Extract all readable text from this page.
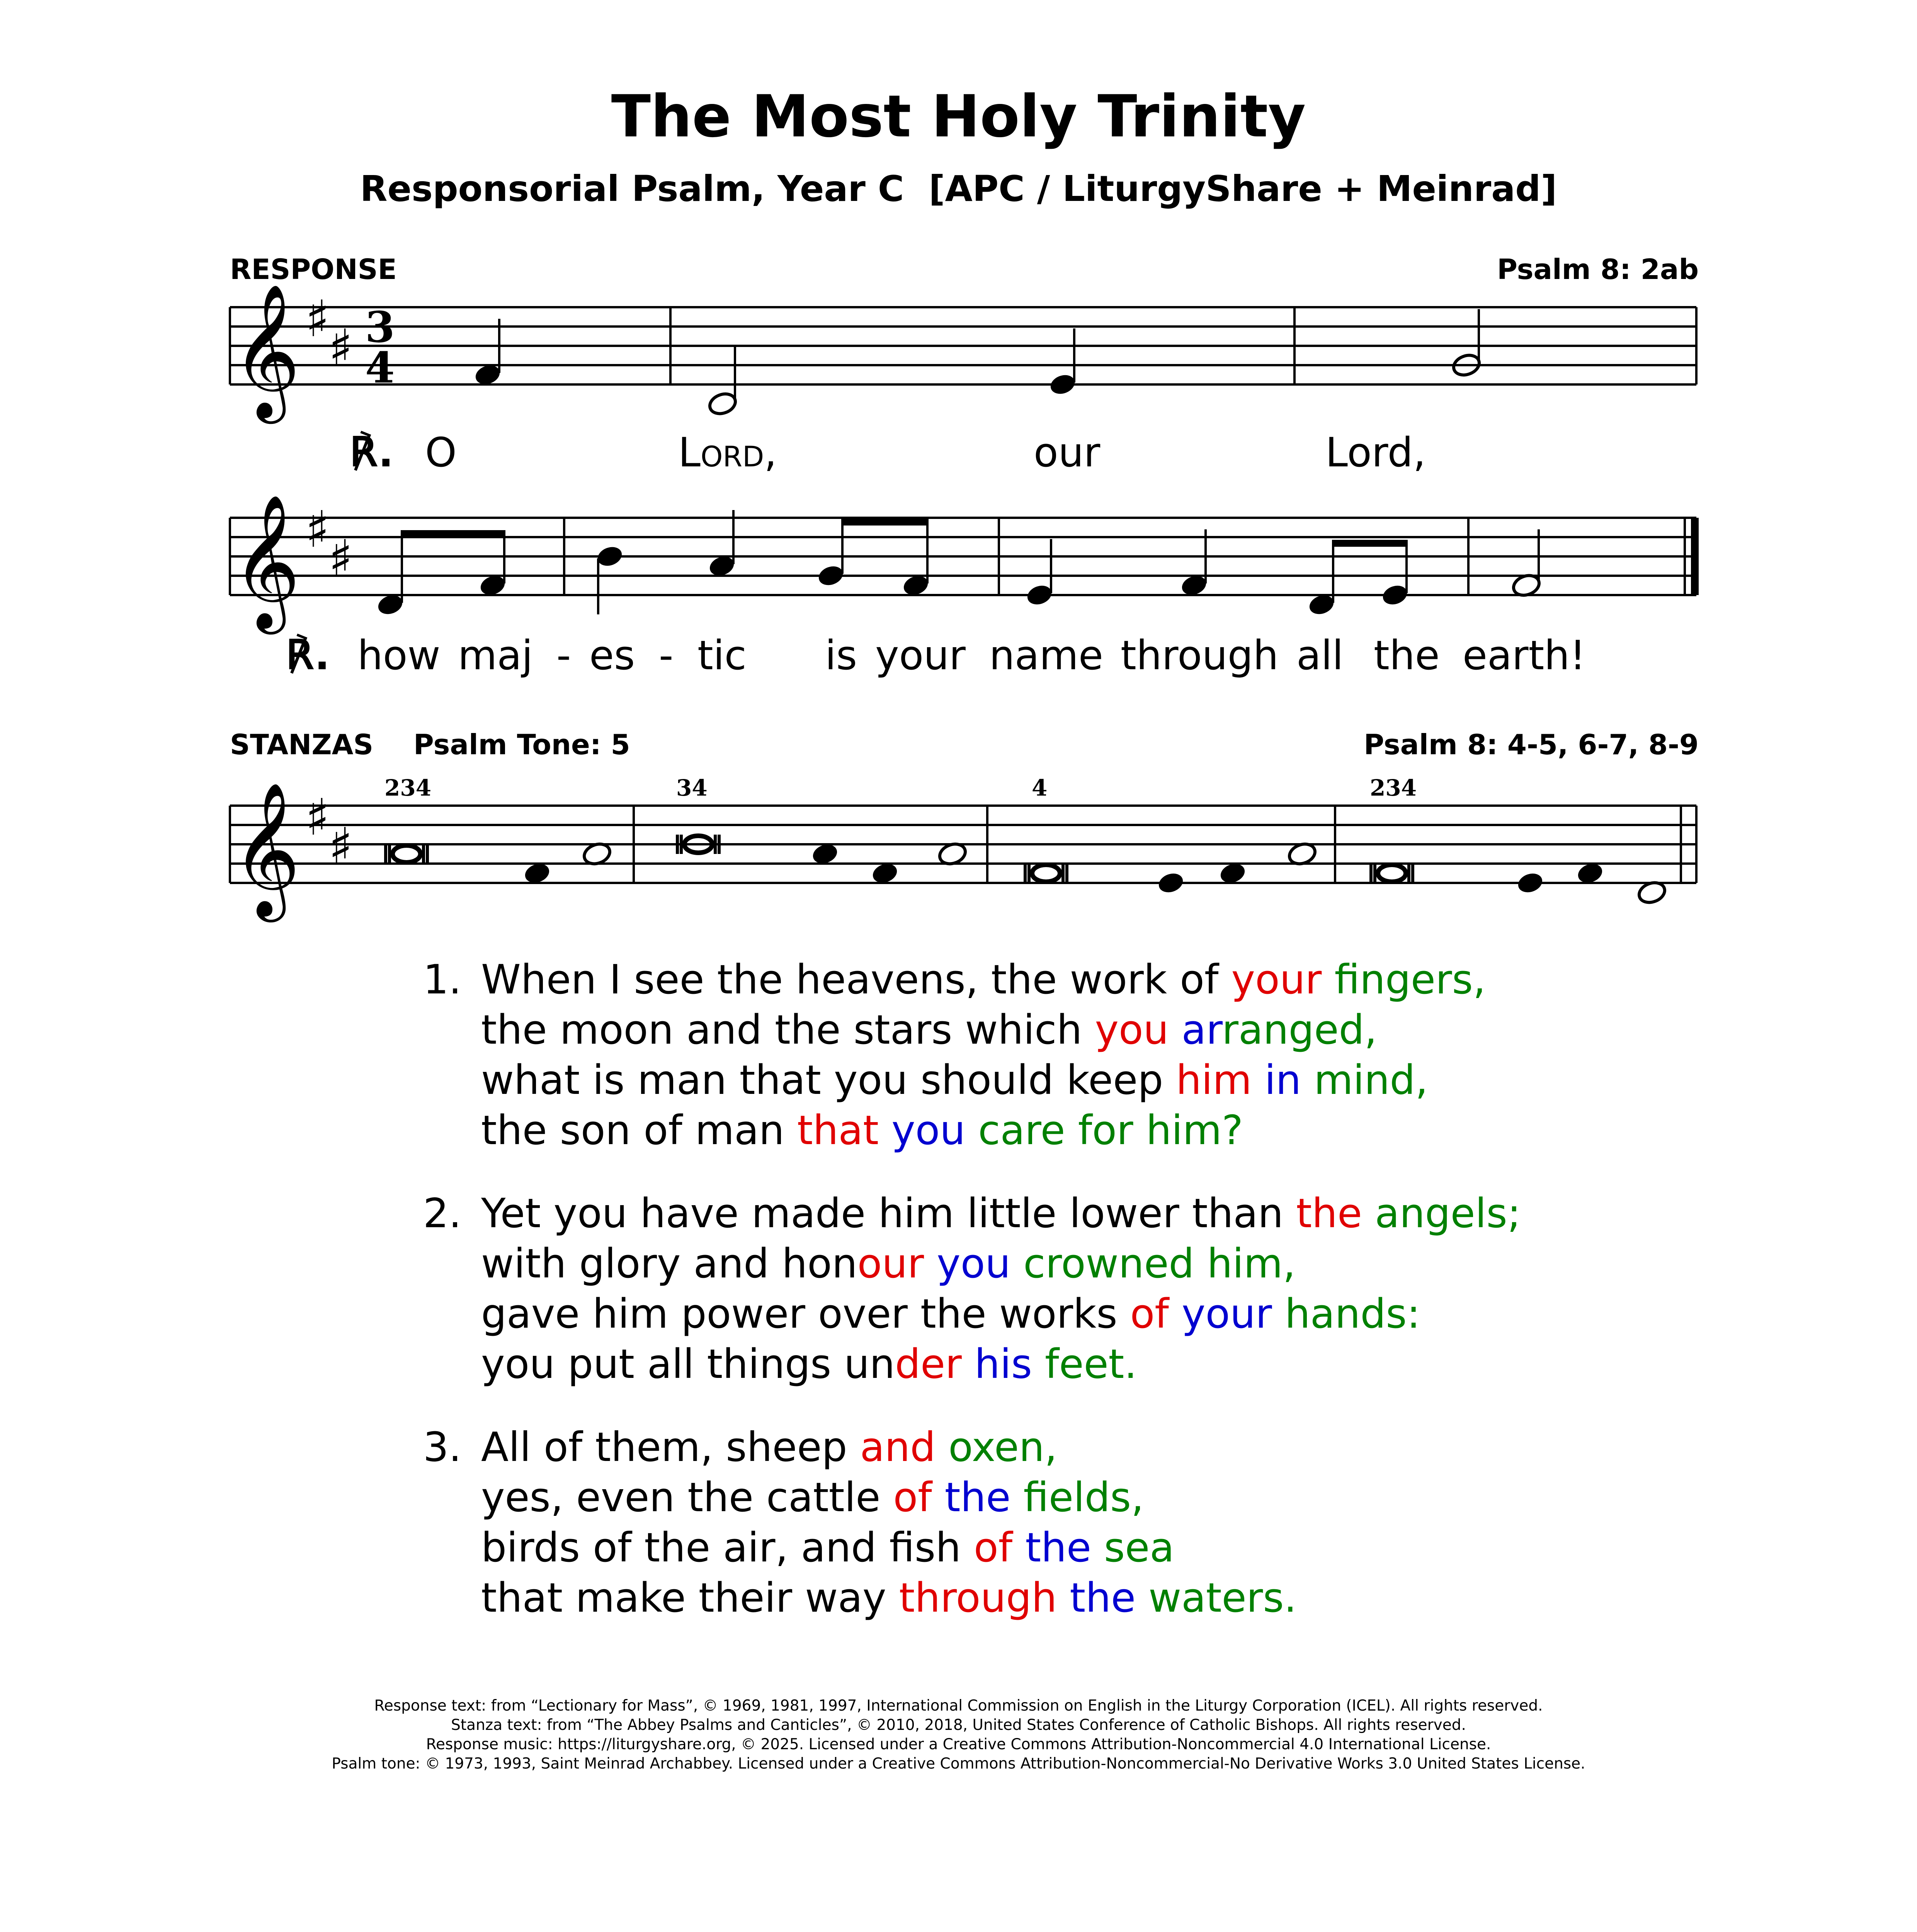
The Most Holy Trinity
Responsorial Psalm, Year C  [APC / LiturgyShare + Meinrad]
RESPONSE	Psalm 8: 2ab
𝄞 ♯
♯ 3
4
℟. O	Lord,	our	Lord,
𝄞 ♯
♯
℟. how maj - es - tic is your name through all the earth!
STANZAS Psalm Tone: 5	Psalm 8: 4-5, 6-7, 8-9
234	34	4	234
𝄞 ♯
♯
1. When I see the heavens, the work of your fingers,
the moon and the stars which you arranged,
what is man that you should keep him in mind,
the son of man that you care for him?
2. Yet you have made him little lower than the angels;
with glory and honour you crowned him,
gave him power over the works of your hands:
you put all things under his feet.
3. All of them, sheep and oxen,
yes, even the cattle of the fields,
birds of the air, and fish of the sea
that make their way through the waters.
Response text: from “Lectionary for Mass”, © 1969, 1981, 1997, International Commission on English in the Liturgy Corporation (ICEL). All rights reserved.
Stanza text: from “The Abbey Psalms and Canticles”, © 2010, 2018, United States Conference of Catholic Bishops. All rights reserved.
Response music: https://liturgyshare.org, © 2025. Licensed under a Creative Commons Attribution-Noncommercial 4.0 International License.
Psalm tone: © 1973, 1993, Saint Meinrad Archabbey. Licensed under a Creative Commons Attribution-Noncommercial-No Derivative Works 3.0 United States License.
